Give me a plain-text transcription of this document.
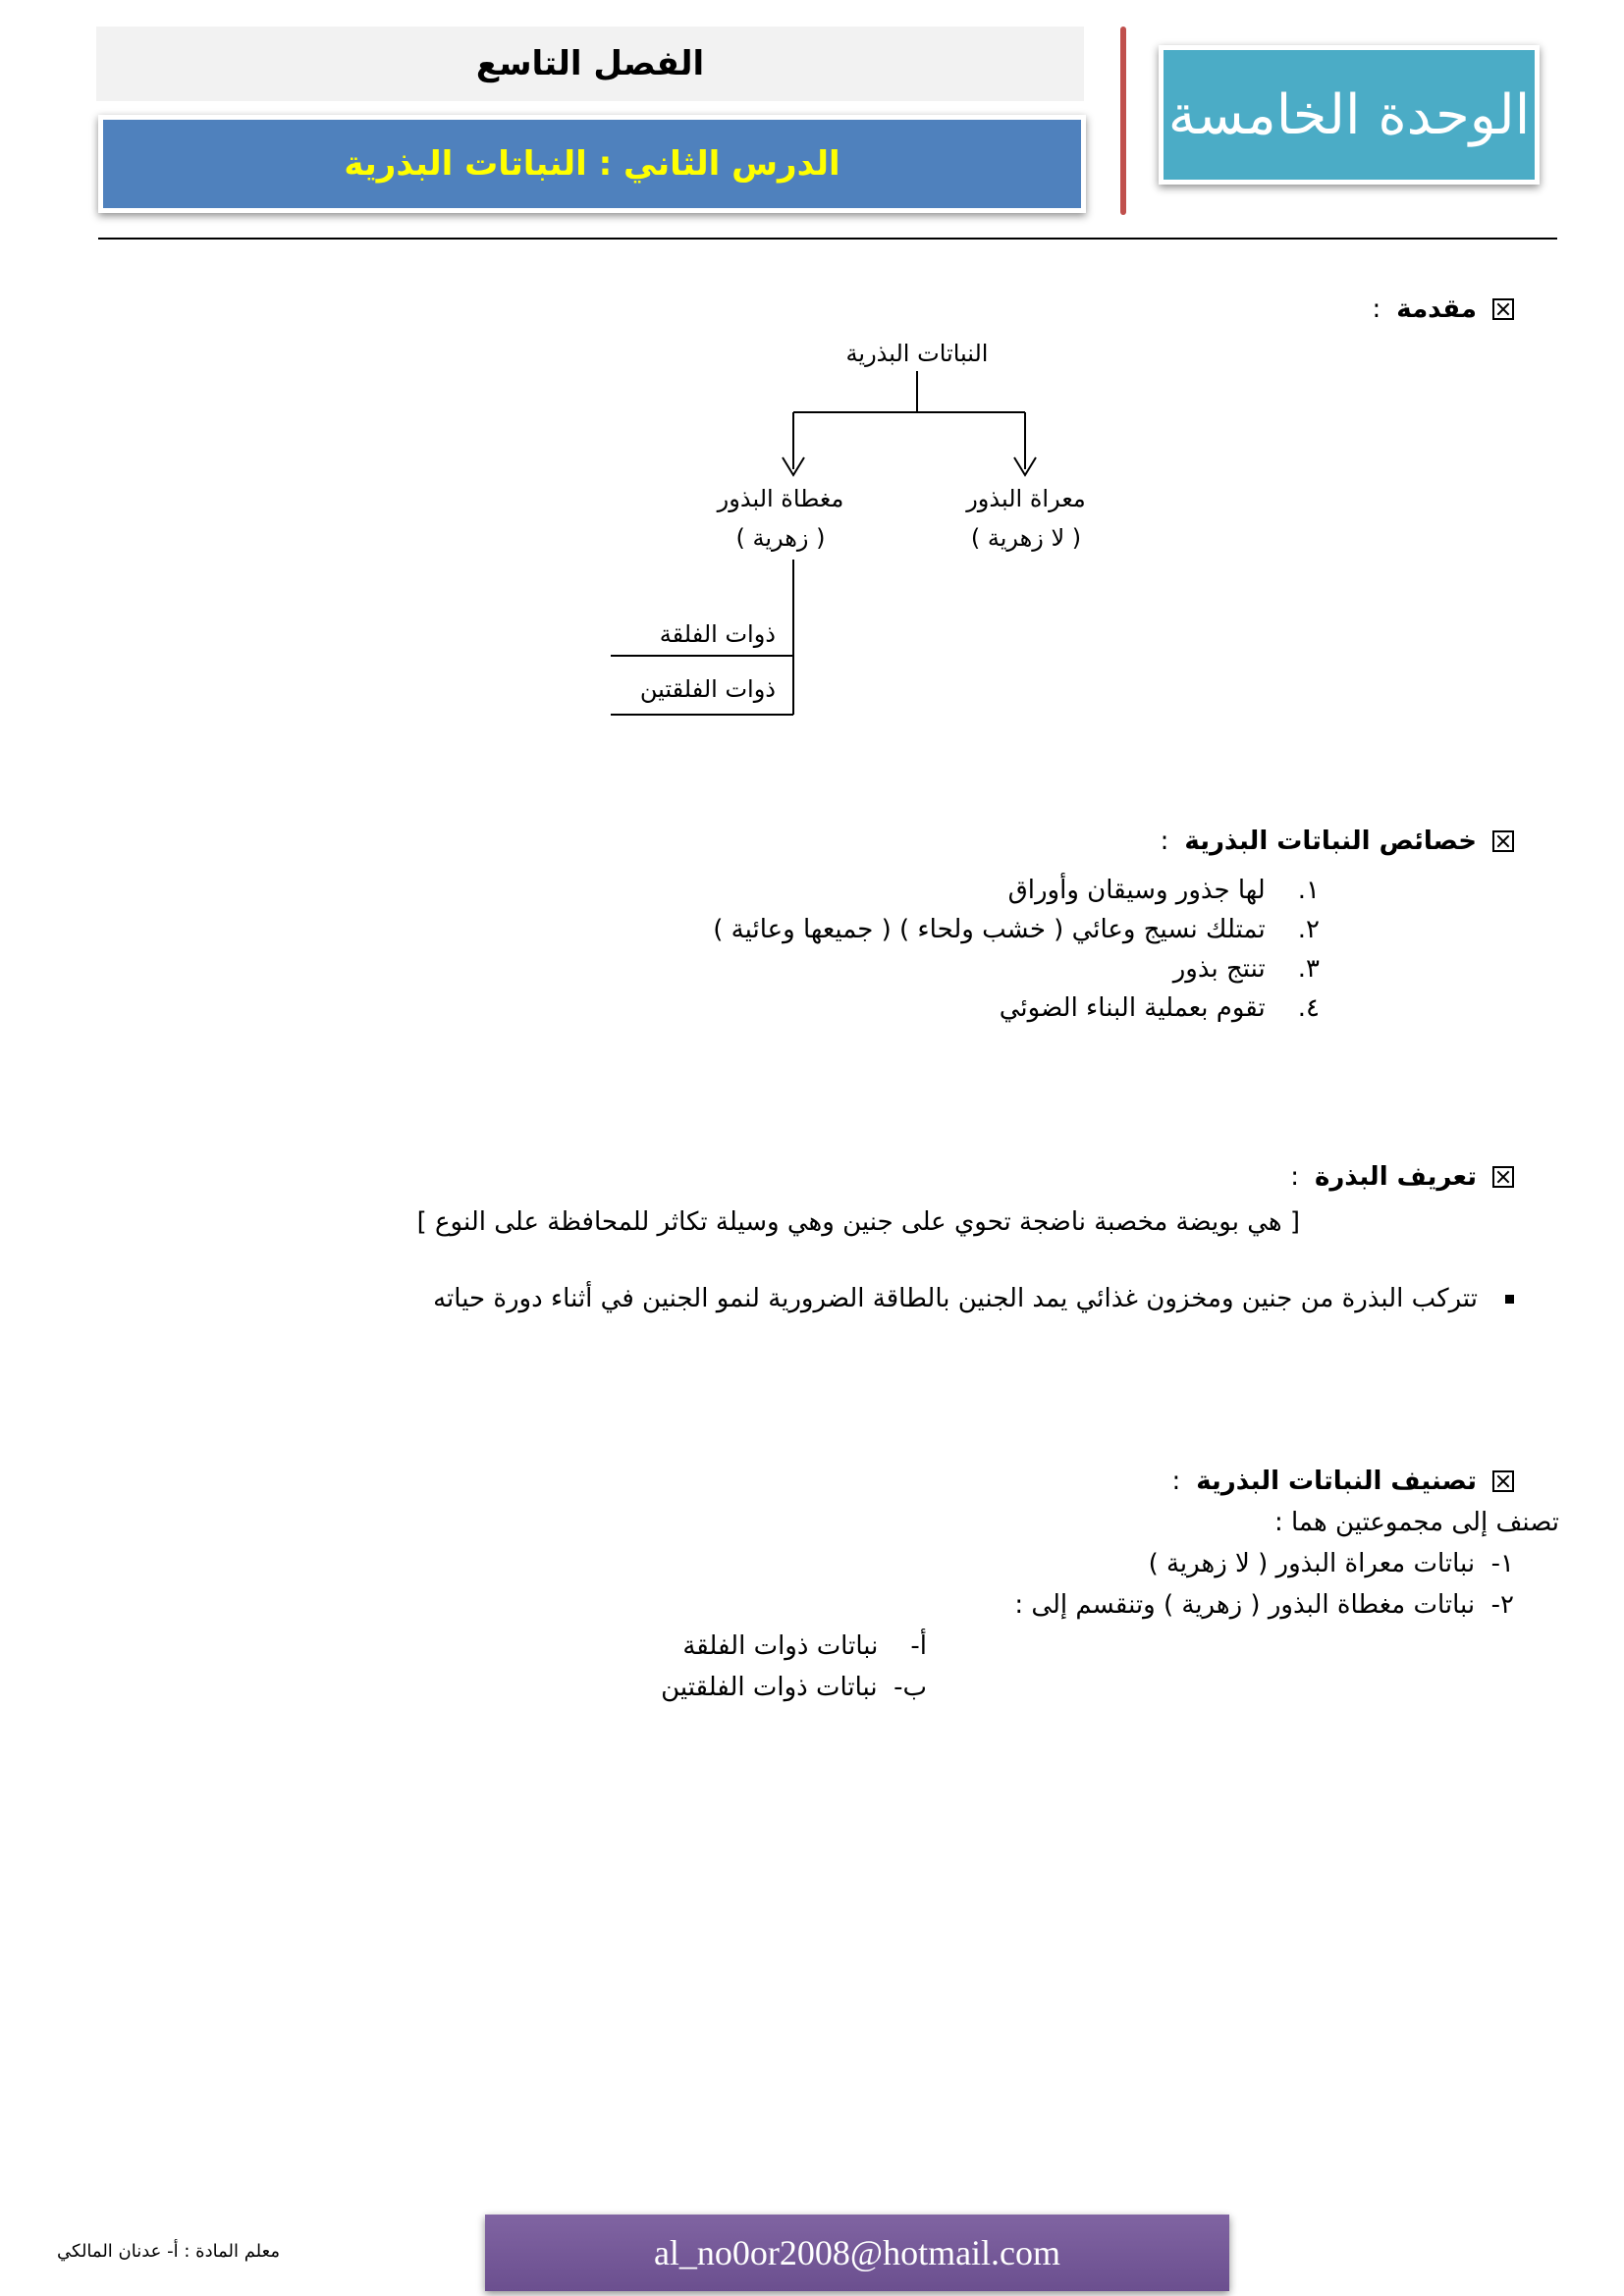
الوحدة الخامسة
الفصل التاسع
الدرس الثاني : النباتات البذرية
مقدمة
:
النباتات البذرية
معراة البذور
( لا زهرية )
مغطاة البذور
( زهرية )
ذوات الفلقة
ذوات الفلقتين
خصائص النباتات البذرية
:
١.    لها جذور وسيقان وأوراق
٢.    تمتلك نسيج وعائي ( خشب ولحاء ) ( جميعها وعائية )
٣.    تنتج بذور
٤.    تقوم بعملية البناء الضوئي
تعريف البذرة
:
[ هي بويضة مخصبة ناضجة تحوي على جنين وهي وسيلة تكاثر للمحافظة على النوع ]
تتركب البذرة من جنين ومخزون غذائي يمد الجنين بالطاقة الضرورية لنمو الجنين في أثناء دورة حياته
تصنيف النباتات البذرية
:
تصنف إلى مجموعتين هما :
١-  نباتات معراة البذور ( لا زهرية )
٢-  نباتات مغطاة البذور ( زهرية ) وتنقسم إلى :
أ-    نباتات ذوات الفلقة
ب-  نباتات ذوات الفلقتين
al_no0or2008@hotmail.com
معلم المادة : أ- عدنان المالكي
